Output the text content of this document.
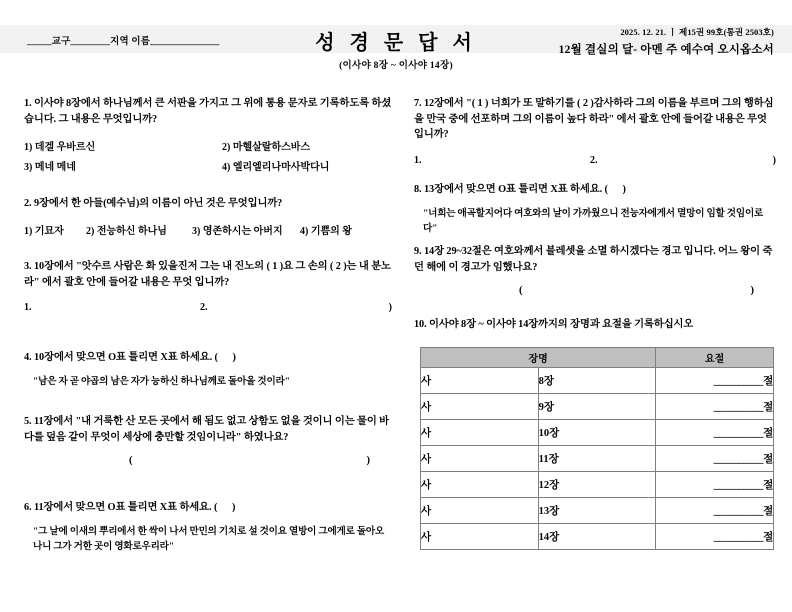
_____교구________지역 이름______________	성 경 문 답 서
(이사야 8장 ~ 이사야 14장)
2025. 12. 21. ㅣ 제15권 99호(통권 2503호)
12월 결실의 달- 아멘 주 예수여 오시옵소서
1. 이사야 8장에서 하나님께서 큰 서판을 가지고 그 위에 통용 문자로 기록하도록 하셨습니다. 그 내용은 무엇입니까?
1) 데겔 우바르신	2) 마헬살랄하스바스
3) 메네 메네	4) 엘리엘리나마사박다니
2. 9장에서 한 아들(예수님)의 이름이 아닌 것은 무엇입니까?
1) 기묘자 2) 전능하신 하나님	3) 영존하시는 아버지 4) 기쁨의 왕
3. 10장에서 "앗수르 사람은 화 있을진저 그는 내 진노의 ( 1 )요 그 손의 ( 2 )는 내 분노라" 에서 괄호 안에 들어갈 내용은 무엇 입니까?
1.	2.	)
4. 10장에서 맞으면 O표 틀리면 X표 하세요. ( )
"남은 자 곧 야곱의 남은 자가 능하신 하나님께로 돌아올 것이라"
5. 11장에서 "내 거룩한 산 모든 곳에서 해 됨도 없고 상함도 없을 것이니 이는 물이 바다를 덮음 같이 무엇이 세상에 충만할 것임이니라" 하였나요?
(	)
6. 11장에서 맞으면 O표 틀리면 X표 하세요. ( )
"그 날에 이새의 뿌리에서 한 싹이 나서 만민의 기치로 설 것이요 열방이 그에게로 돌아오나니 그가 거한 곳이 영화로우리라"
7. 12장에서 "( 1 ) 너희가 또 말하기를 ( 2 )감사하라 그의 이름을 부르며 그의 행하심을 만국 중에 선포하며 그의 이름이 높다 하라" 에서 괄호 안에 들어갈 내용은 무엇 입니까?
1.	2.	)
8. 13장에서 맞으면 O표 틀리면 X표 하세요. ( )
"너희는 애곡할지어다 여호와의 날이 가까웠으니 전능자에게서 멸망이 임할 것임이로다"
9. 14장 29~32절은 여호와께서 블레셋을 소멸 하시겠다는 경고 입니다. 어느 왕이 죽던 해에 이 경고가 임했나요?
(	)
10. 이사야 8장 ~ 이사야 14장까지의 장명과 요절을 기록하십시오
장명		요절
사	8장	__________절
사	9장	__________절
사	10장	__________절
사	11장	__________절
사	12장	__________절
사	13장	__________절
사	14장	__________절
